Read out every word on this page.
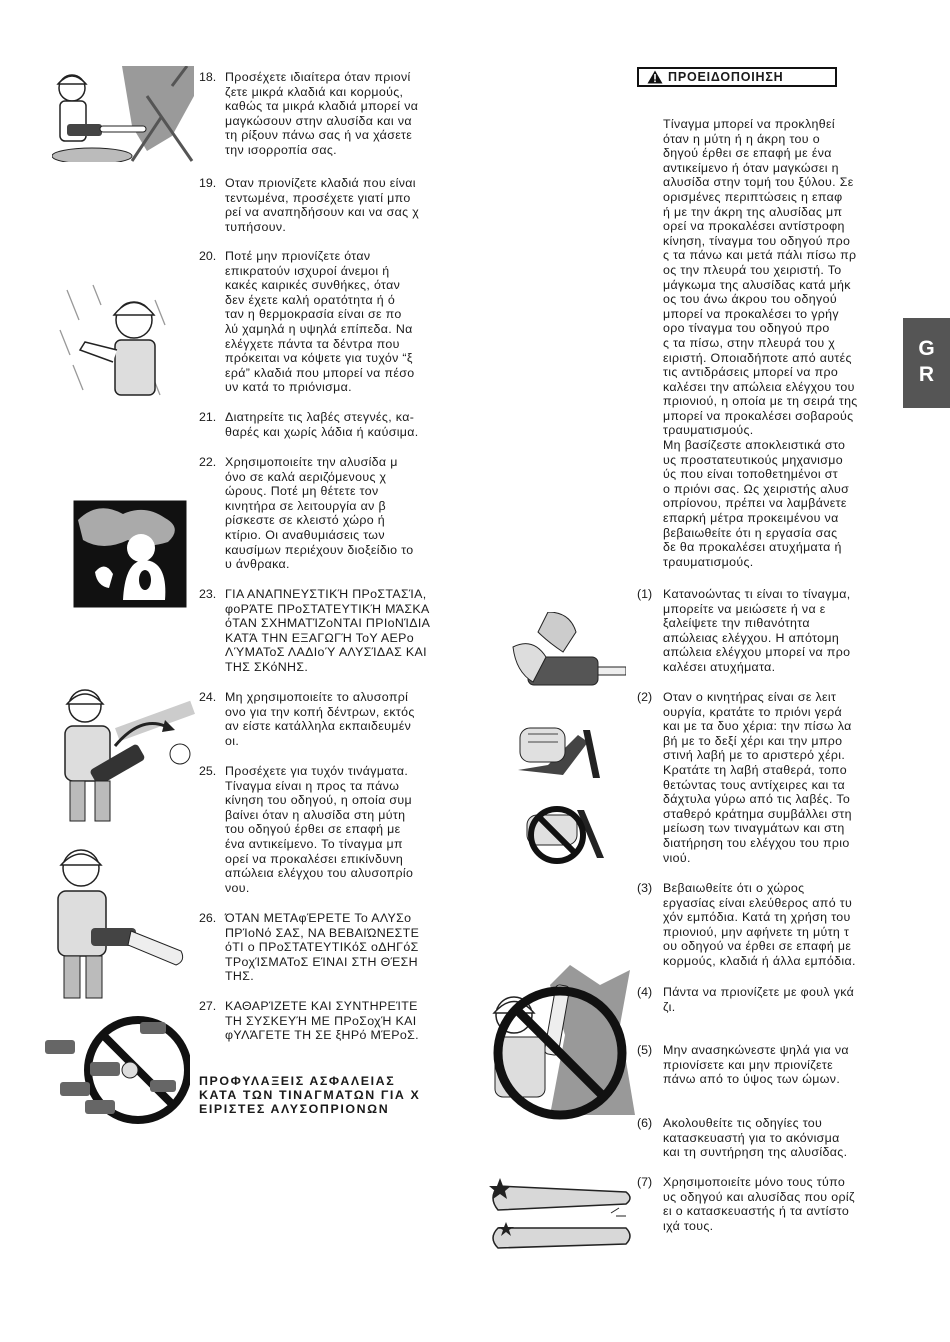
18. Προσέχετε ιδιαίτερα όταν πριονί
ζετε μικρά κλαδιά και κορμούς,
καθώς τα μικρά κλαδιά μπορεί να
μαγκώσουν στην αλυσίδα και να
τη ρίξουν πάνω σας ή να χάσετε
την ισορροπία σας.
19. Οταν πριονίζετε κλαδιά που είναι
τεντωμένα, προσέχετε γιατί μπο
ρεί να αναπηδήσουν και να σας χ
τυπήσουν.
20. Ποτέ μην πριονίζετε όταν
επικρατούν ισχυροί άνεμοι ή
κακές καιρικές συνθήκες, όταν
δεν έχετε καλή ορατότητα ή ό
ταν η θερμοκρασία είναι σε πο
λύ χαμηλά η υψηλά επίπεδα. Να
ελέγχετε πάντα τα δέντρα που
πρόκειται να κόψετε για τυχόν “ξ
ερά” κλαδιά που μπορεί να πέσο
υν κατά το πριόνισμα.
21. Διατηρείτε τις λαβές στεγνές, κα-
θαρές και χωρίς λάδια ή καύσιμα.
22. Χρησιμοποιείτε την αλυσίδα μ
όνο σε καλά αεριζόμενους χ
ώρους. Ποτέ μη θέτετε τον
κινητήρα σε λειτουργία αν β
ρίσκεστε σε κλειστό χώρο ή
κτίριο. Οι αναθυμιάσεις των
καυσίμων περιέχουν διοξείδιο το
υ άνθρακα.
23. ΓΙΑ ΑΝΑΠΝΕΥΣΤΙΚΉ ΠΡοΣΤΑΣΊΑ,
φοΡΆΤΕ ΠΡοΣΤΑΤΕΥΤΙΚΉ ΜΆΣΚΑ
όΤΑΝ ΣΧΗΜΑΤΊΖοΝΤΑΙ ΠΡΙοΝΊΔΙΑ
ΚΑΤΆ ΤΗΝ ΕΞΑΓΩΓΉ ΤοΥ ΑΕΡο
ΛΎΜΑΤοΣ ΛΑΔΙοΎ ΑΛΥΣΊΔΑΣ ΚΑΙ
ΤΗΣ ΣΚόΝΗΣ.
24. Μη χρησιμοποιείτε το αλυσοπρί
ονο για την κοπή δέντρων, εκτός
αν είστε κατάλληλα εκπαιδευμέν
οι.
25. Προσέχετε για τυχόν τινάγματα.
Τίναγμα είναι η προς τα πάνω
κίνηση του οδηγού, η οποία συμ
βαίνει όταν η αλυσίδα στη μύτη
του οδηγού έρθει σε επαφή με
ένα αντικείμενο. Το τίναγμα μπ
ορεί να προκαλέσει επικίνδυνη
απώλεια ελέγχου του αλυσοπρίο
νου.
26. ΌΤΑΝ ΜΕΤΑφΈΡΕΤΕ Το ΑΛΥΣο
ΠΡΊοΝό ΣΑΣ, ΝΑ ΒΕΒΑΙΏΝΕΣΤΕ
όΤΙ ο ΠΡοΣΤΑΤΕΥΤΙΚόΣ οΔΗΓόΣ
ΤΡοχΊΣΜΑΤοΣ ΕΊΝΑΙ ΣΤΗ ΘΈΣΗ
ΤΗΣ.
27. ΚΑΘΑΡΊΖΕΤΕ ΚΑΙ ΣΥΝΤΗΡΕΊΤΕ
ΤΗ ΣΥΣΚΕΥΉ ΜΕ ΠΡοΣοχΉ ΚΑΙ
φΥΛΆΓΕΤΕ ΤΗ ΣΕ ξΗΡό ΜΈΡοΣ.
ΠΡΟΦΥΛΑΞΕΙΣ ΑΣΦΑΛΕΙΑΣ
ΚΑΤΑ ΤΩΝ ΤΙΝΑΓΜΑΤΩΝ ΓΙΑ Χ
ΕΙΡΙΣΤΕΣ ΑΛΥΣΟΠΡΙΟΝΩΝ
ΠΡΟΕΙΔΟΠΟΙΗΣΗ
Τίναγμα μπορεί να προκληθεί
όταν η μύτη ή η άκρη του ο
δηγού έρθει σε επαφή με ένα
αντικείμενο ή όταν μαγκώσει η
αλυσίδα στην τομή του ξύλου. Σε
ορισμένες περιπτώσεις η επαφ
ή με την άκρη της αλυσίδας μπ
ορεί να προκαλέσει αντίστροφη
κίνηση, τίναγμα του οδηγού προ
ς τα πάνω και μετά πάλι πίσω πρ
ος την πλευρά του χειριστή. Το
μάγκωμα της αλυσίδας κατά μήκ
ος του άνω άκρου του οδηγού
μπορεί να προκαλέσει το γρήγ
ορο τίναγμα του οδηγού προ
ς τα πίσω, στην πλευρά του χ
ειριστή. Οποιαδήποτε από αυτές
τις αντιδράσεις μπορεί να προ
καλέσει την απώλεια ελέγχου του
πριονιού, η οποία με τη σειρά της
μπορεί να προκαλέσει σοβαρούς
τραυματισμούς.
Μη βασίζεστε αποκλειστικά στο
υς προστατευτικούς μηχανισμο
ύς που είναι τοποθετημένοι στ
ο πριόνι σας. Ως χειριστής αλυσ
οπρίονου, πρέπει να λαμβάνετε
επαρκή μέτρα προκειμένου να
βεβαιωθείτε ότι η εργασία σας
δε θα προκαλέσει ατυχήματα ή
τραυματισμούς.
(1) Κατανοώντας τι είναι το τίναγμα,
μπορείτε να μειώσετε ή να ε
ξαλείψετε την πιθανότητα
απώλειας ελέγχου. Η απότομη
απώλεια ελέγχου μπορεί να προ
καλέσει ατυχήματα.
(2) Οταν ο κινητήρας είναι σε λειτ
ουργία, κρατάτε το πριόνι γερά
και με τα δυο χέρια: την πίσω λα
βή με το δεξί χέρι και την μπρο
στινή λαβή με το αριστερό χέρι.
Κρατάτε τη λαβή σταθερά, τοπο
θετώντας τους αντίχειρες και τα
δάχτυλα γύρω από τις λαβές. Το
σταθερό κράτημα συμβάλλει στη
μείωση των τιναγμάτων και στη
διατήρηση του ελέγχου του πριο
νιού.
(3) Βεβαιωθείτε ότι ο χώρος
εργασίας είναι ελεύθερος από τυ
χόν εμπόδια. Κατά τη χρήση του
πριονιού, μην αφήνετε τη μύτη τ
ου οδηγού να έρθει σε επαφή με
κορμούς, κλαδιά ή άλλα εμπόδια.
(4) Πάντα να πριονίζετε με φουλ γκά
ζι.
(5) Μην ανασηκώνεστε ψηλά για να
πριονίσετε και μην πριονίζετε
πάνω από το ύψος των ώμων.
(6) Ακολουθείτε τις οδηγίες του
κατασκευαστή για το ακόνισμα
και τη συντήρηση της αλυσίδας.
(7) Χρησιμοποιείτε μόνο τους τύπο
υς οδηγού και αλυσίδας που ορίζ
ει ο κατασκευαστής ή τα αντίστο
ιχά τους.
G
R
